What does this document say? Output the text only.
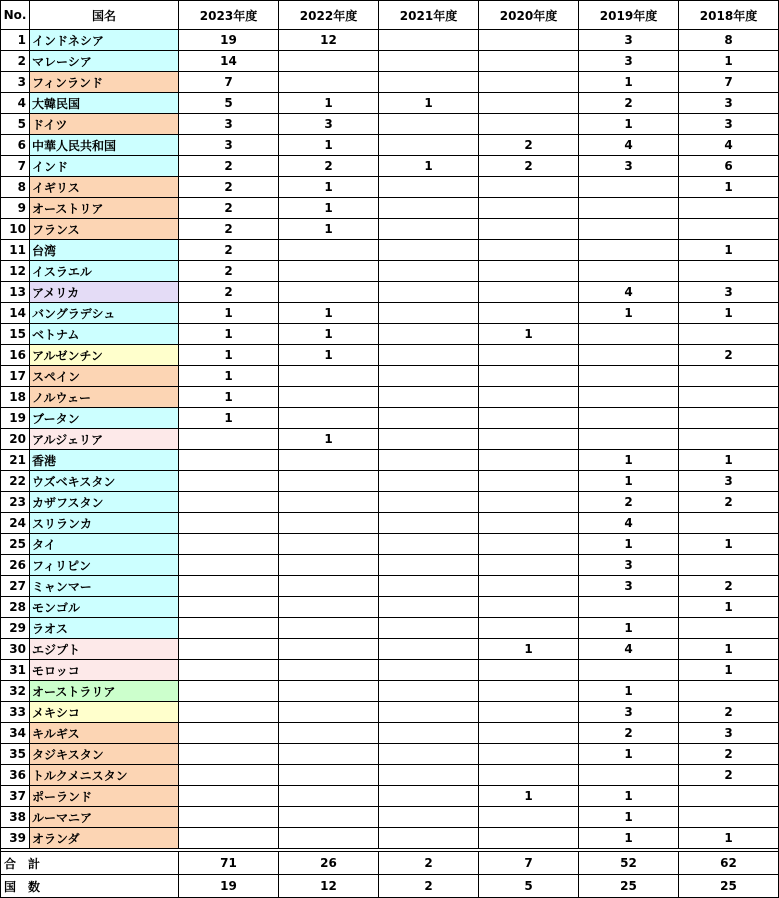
No.	国名	2023年度	2022年度	2021年度	2020年度	2019年度	2018年度
1	インドネシア	19	12			3	8
2	マレーシア	14				3	1
3	フィンランド	7				1	7
4	大韓民国	5	1	1		2	3
5	ドイツ	3	3			1	3
6	中華人民共和国	3	1		2	4	4
7	インド	2	2	1	2	3	6
8	イギリス	2	1				1
9	オーストリア	2	1				
10	フランス	2	1				
11	台湾	2					1
12	イスラエル	2					
13	アメリカ	2				4	3
14	バングラデシュ	1	1			1	1
15	ベトナム	1	1		1		
16	アルゼンチン	1	1				2
17	スペイン	1					
18	ノルウェー	1					
19	ブータン	1					
20	アルジェリア		1				
21	香港					1	1
22	ウズベキスタン					1	3
23	カザフスタン					2	2
24	スリランカ					4	
25	タイ					1	1
26	フィリピン					3	
27	ミャンマー					3	2
28	モンゴル						1
29	ラオス					1	
30	エジプト				1	4	1
31	モロッコ						1
32	オーストラリア					1	
33	メキシコ					3	2
34	キルギス					2	3
35	タジキスタン					1	2
36	トルクメニスタン						2
37	ポーランド				1	1	
38	ルーマニア					1	
39	オランダ					1	1

合計		71	26	2	7	52	62
国数		19	12	2	5	25	25
